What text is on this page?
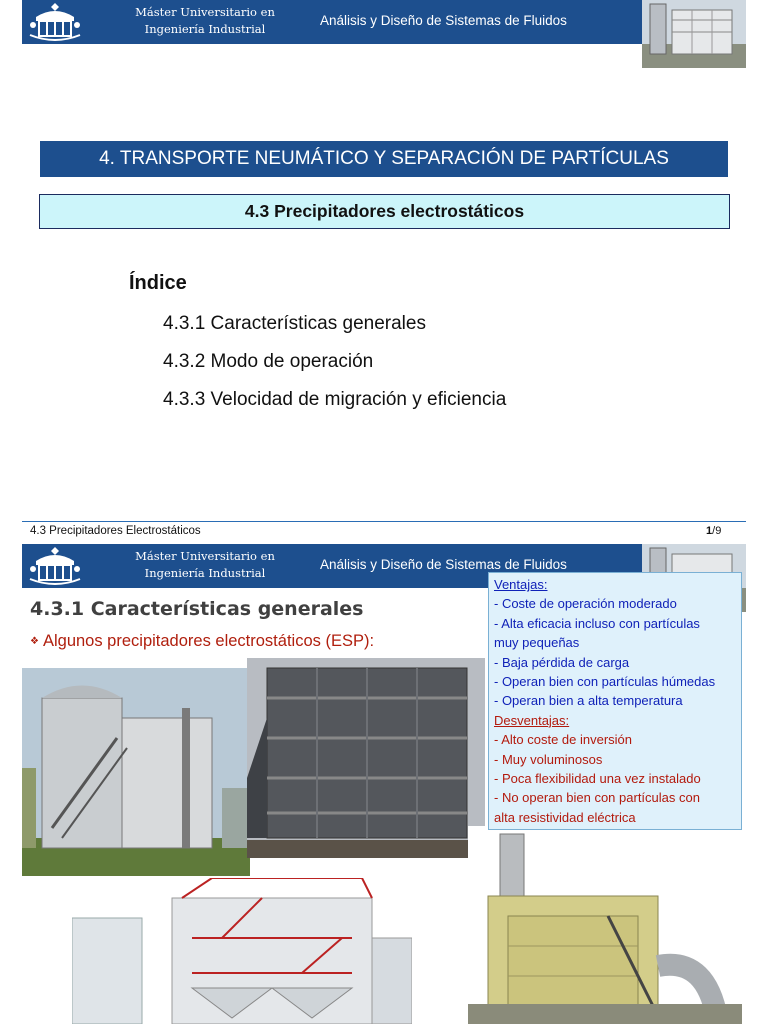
Máster Universitario en
Ingeniería Industrial
Análisis y Diseño de Sistemas de Fluidos
4. TRANSPORTE NEUMÁTICO Y SEPARACIÓN DE PARTÍCULAS
4.3 Precipitadores electrostáticos
Índice
4.3.1 Características generales
4.3.2 Modo de operación
4.3.3 Velocidad de migración y eficiencia
4.3 Precipitadores Electrostáticos	1/9
Máster Universitario en
Ingeniería Industrial
Análisis y Diseño de Sistemas de Fluidos
4.3.1 Características generales
❖ Algunos precipitadores electrostáticos (ESP):
Ventajas:
- Coste de operación moderado
- Alta eficacia incluso con partículas
muy pequeñas
- Baja pérdida de carga
- Operan bien con partículas húmedas
- Operan bien a alta temperatura
Desventajas:
- Alto coste de inversión
- Muy voluminosos
- Poca flexibilidad una vez instalado
- No operan bien con partículas con
alta resistividad eléctrica
